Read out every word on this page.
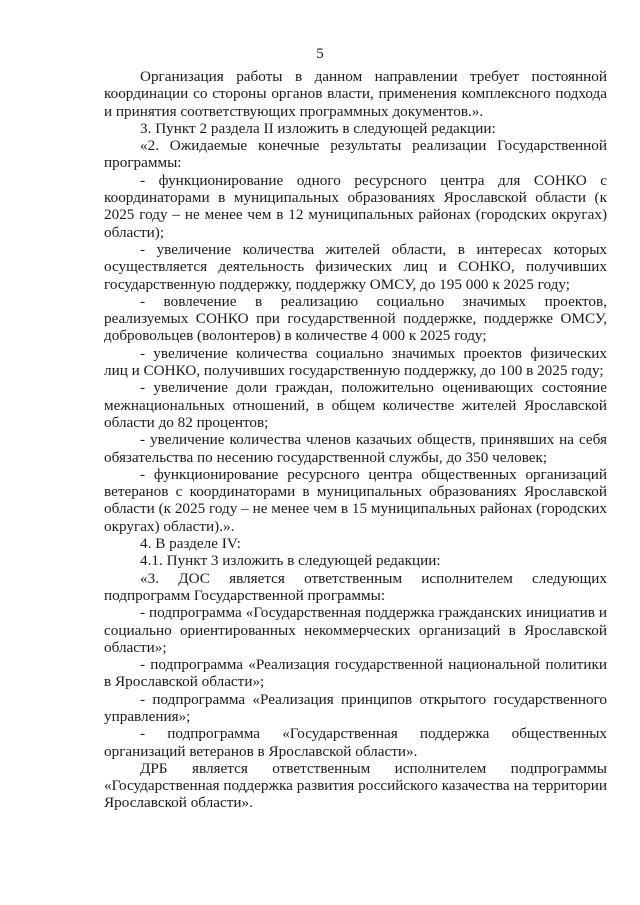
5

Организация работы в данном направлении требует постоянной координации со стороны органов власти, применения комплексного подхода и принятия соответствующих программных документов.».

3. Пункт 2 раздела II изложить в следующей редакции:

«2. Ожидаемые конечные результаты реализации Государственной программы:

- функционирование одного ресурсного центра для СОНКО с координаторами в муниципальных образованиях Ярославской области (к 2025 году – не менее чем в 12 муниципальных районах (городских округах) области);

- увеличение количества жителей области, в интересах которых осуществляется деятельность физических лиц и СОНКО, получивших государственную поддержку, поддержку ОМСУ, до 195 000 к 2025 году;

- вовлечение в реализацию социально значимых проектов, реализуемых СОНКО при государственной поддержке, поддержке ОМСУ, добровольцев (волонтеров) в количестве 4 000 к 2025 году;

- увеличение количества социально значимых проектов физических лиц и СОНКО, получивших государственную поддержку, до 100 в 2025 году;

- увеличение доли граждан, положительно оценивающих состояние межнациональных отношений, в общем количестве жителей Ярославской области до 82 процентов;

- увеличение количества членов казачьих обществ, принявших на себя обязательства по несению государственной службы, до 350 человек;

- функционирование ресурсного центра общественных организаций ветеранов с координаторами в муниципальных образованиях Ярославской области (к 2025 году – не менее чем в 15 муниципальных районах (городских округах) области).».

4. В разделе IV:

4.1. Пункт 3 изложить в следующей редакции:

«3. ДОС является ответственным исполнителем следующих подпрограмм Государственной программы:

- подпрограмма «Государственная поддержка гражданских инициатив и социально ориентированных некоммерческих организаций в Ярославской области»;

- подпрограмма «Реализация государственной национальной политики в Ярославской области»;

- подпрограмма «Реализация принципов открытого государственного управления»;

- подпрограмма «Государственная поддержка общественных организаций ветеранов в Ярославской области».

ДРБ является ответственным исполнителем подпрограммы «Государственная поддержка развития российского казачества на территории Ярославской области».
